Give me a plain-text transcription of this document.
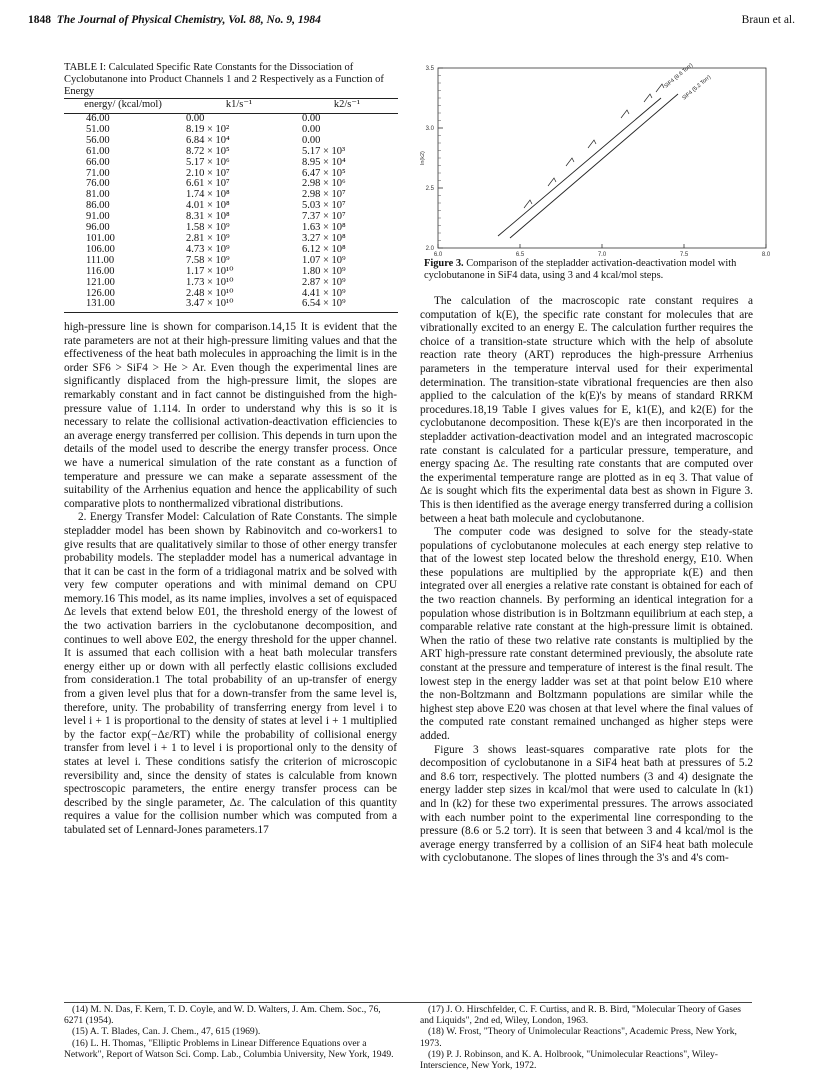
1848 The Journal of Physical Chemistry, Vol. 88, No. 9, 1984	Braun et al.
TABLE I: Calculated Specific Rate Constants for the Dissociation of Cyclobutanone into Product Channels 1 and 2 Respectively as a Function of Energy
energy/ (kcal/mol)	k1/s⁻¹	k2/s⁻¹
46.00	0.00	0.00
51.00	8.19 × 10²	0.00
56.00	6.84 × 10⁴	0.00
61.00	8.72 × 10⁵	5.17 × 10³
66.00	5.17 × 10⁶	8.95 × 10⁴
71.00	2.10 × 10⁷	6.47 × 10⁵
76.00	6.61 × 10⁷	2.98 × 10⁶
81.00	1.74 × 10⁸	2.98 × 10⁷
86.00	4.01 × 10⁸	5.03 × 10⁷
91.00	8.31 × 10⁸	7.37 × 10⁷
96.00	1.58 × 10⁹	1.63 × 10⁸
101.00	2.81 × 10⁹	3.27 × 10⁸
106.00	4.73 × 10⁹	6.12 × 10⁸
111.00	7.58 × 10⁹	1.07 × 10⁹
116.00	1.17 × 10¹⁰	1.80 × 10⁹
121.00	1.73 × 10¹⁰	2.87 × 10⁹
126.00	2.48 × 10¹⁰	4.41 × 10⁹
131.00	3.47 × 10¹⁰	6.54 × 10⁹
3.5
3.0
2.5
2.0
6.0	6.5	7.0	7.5	8.0
ln(k2)
SiF4 (8.6 Torr)
SiF4 (5.2 Torr)
Figure 3. Comparison of the stepladder activation-deactivation model with cyclobutanone in SiF4 data, using 3 and 4 kcal/mol steps.

high-pressure line is shown for comparison.14,15 It is evident that the rate parameters are not at their high-pressure limiting values and that the effectiveness of the heat bath molecules in approaching the limit is in the order SF6 > SiF4 > He > Ar. Even though the experimental lines are significantly displaced from the high-pressure limit, the slopes are remarkably constant and in fact cannot be distinguished from the high-pressure value of 1.114. In order to understand why this is so it is necessary to relate the collisional activation-deactivation efficiencies to an average energy transferred per collision. This depends in turn upon the details of the model used to describe the energy transfer process. Once we have a numerical simulation of the rate constant as a function of temperature and pressure we can make a separate assessment of the suitability of the Arrhenius equation and hence the applicability of such comparative plots to nonthermalized vibrational distributions.

2. Energy Transfer Model: Calculation of Rate Constants. The simple stepladder model has been shown by Rabinovitch and co-workers1 to give results that are qualitatively similar to those of other energy transfer probability models. The stepladder model has a numerical advantage in that it can be cast in the form of a tridiagonal matrix and be solved with very few computer operations and with minimal demand on CPU memory.16 This model, as its name implies, involves a set of equispaced Δε levels that extend below E01, the threshold energy of the lowest of the two activation barriers in the cyclobutanone decomposition, and continues to well above E02, the energy threshold for the upper channel. It is assumed that each collision with a heat bath molecular transfers energy either up or down with all perfectly elastic collisions excluded from consideration.1 The total probability of an up-transfer of energy from a given level plus that for a down-transfer from the same level is, therefore, unity. The probability of transferring energy from level i to level i + 1 is proportional to the density of states at level i + 1 multiplied by the factor exp(−Δε/RT) while the probability of collisional energy transfer from level i + 1 to level i is proportional only to the density of states at level i. These conditions satisfy the criterion of microscopic reversibility and, since the density of states is calculable from known spectroscopic parameters, the entire energy transfer process can be described by the single parameter, Δε. The calculation of this quantity requires a value for the collision number which was computed from a tabulated set of Lennard-Jones parameters.17

The calculation of the macroscopic rate constant requires a computation of k(E), the specific rate constant for molecules that are vibrationally excited to an energy E. The calculation further requires the choice of a transition-state structure which with the help of absolute reaction rate theory (ART) reproduces the high-pressure Arrhenius parameters in the temperature interval used for their experimental determination. The transition-state vibrational frequencies are then also applied to the calculation of the k(E)'s by means of standard RRKM procedures.18,19 Table I gives values for E, k1(E), and k2(E) for the cyclobutanone decomposition. These k(E)'s are then incorporated in the stepladder activation-deactivation model and an integrated macroscopic rate constant is calculated for a particular pressure, temperature, and energy spacing Δε. The resulting rate constants that are computed over the experimental temperature range are plotted as in eq 3. That value of Δε is sought which fits the experimental data best as shown in Figure 3. This is then identified as the average energy transferred during a collision between a heat bath molecule and cyclobutanone.

The computer code was designed to solve for the steady-state populations of cyclobutanone molecules at each energy step relative to that of the lowest step located below the threshold energy, E10. When these populations are multiplied by the appropriate k(E) and then integrated over all energies a relative rate constant is obtained for each of the two reaction channels. By performing an identical integration for a population whose distribution is in Boltzmann equilibrium at each step, a comparable relative rate constant at the high-pressure limit is obtained. When the ratio of these two relative rate constants is multiplied by the ART high-pressure rate constant determined previously, the absolute rate constant at the pressure and temperature of interest is the final result. The lowest step in the energy ladder was set at that point below E10 where the non-Boltzmann and Boltzmann populations are similar while the highest step above E20 was chosen at that level where the final values of the computed rate constant remained unchanged as higher steps were added.

Figure 3 shows least-squares comparative rate plots for the decomposition of cyclobutanone in a SiF4 heat bath at pressures of 5.2 and 8.6 torr, respectively. The plotted numbers (3 and 4) designate the energy ladder step sizes in kcal/mol that were used to calculate ln (k1) and ln (k2) for these two experimental pressures. The arrows associated with each number point to the experimental line corresponding to the pressure (8.6 or 5.2 torr). It is seen that between 3 and 4 kcal/mol is the average energy transferred by a collision of an SiF4 heat bath molecule with cyclobutanone. The slopes of lines through the 3's and 4's com-

(14) M. N. Das, F. Kern, T. D. Coyle, and W. D. Walters, J. Am. Chem. Soc., 76, 6271 (1954).
(15) A. T. Blades, Can. J. Chem., 47, 615 (1969).
(16) L. H. Thomas, "Elliptic Problems in Linear Difference Equations over a Network", Report of Watson Sci. Comp. Lab., Columbia University, New York, 1949.
(17) J. O. Hirschfelder, C. F. Curtiss, and R. B. Bird, "Molecular Theory of Gases and Liquids", 2nd ed, Wiley, London, 1963.
(18) W. Frost, "Theory of Unimolecular Reactions", Academic Press, New York, 1973.
(19) P. J. Robinson, and K. A. Holbrook, "Unimolecular Reactions", Wiley-Interscience, New York, 1972.
